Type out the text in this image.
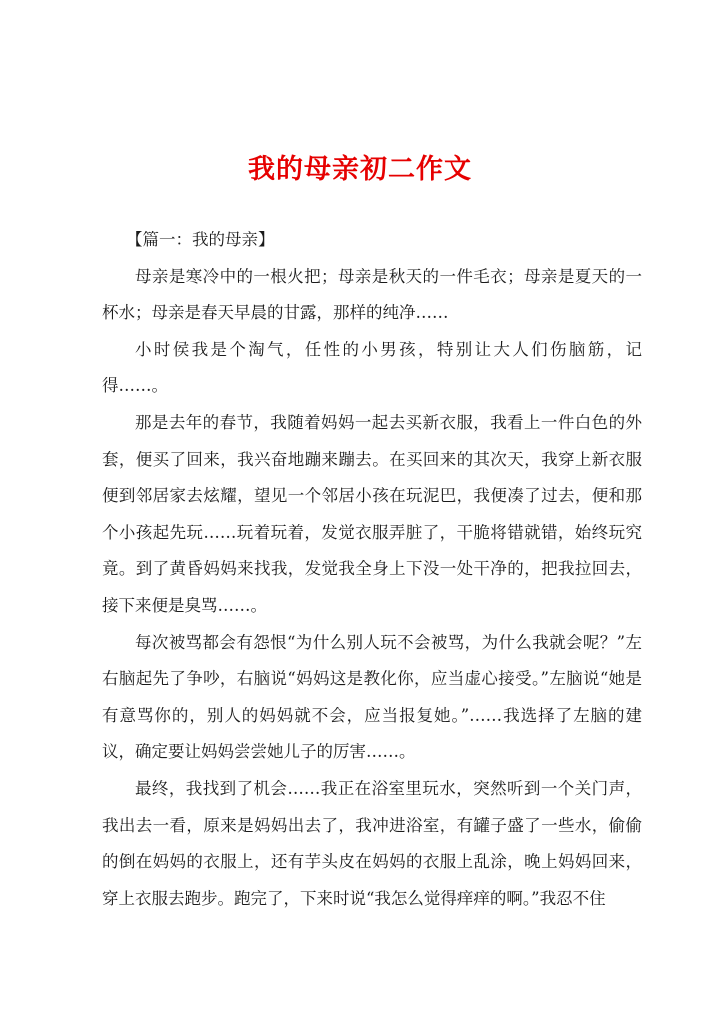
我的母亲初二作文

【篇一：我的母亲】

母亲是寒冷中的一根火把；母亲是秋天的一件毛衣；母亲是夏天的一杯水；母亲是春天早晨的甘露，那样的纯净……

小时侯我是个淘气，任性的小男孩，特别让大人们伤脑筋，记得……。

那是去年的春节，我随着妈妈一起去买新衣服，我看上一件白色的外套，便买了回来，我兴奋地蹦来蹦去。在买回来的其次天，我穿上新衣服便到邻居家去炫耀，望见一个邻居小孩在玩泥巴，我便凑了过去，便和那个小孩起先玩……玩着玩着，发觉衣服弄脏了，干脆将错就错，始终玩究竟。到了黄昏妈妈来找我，发觉我全身上下没一处干净的，把我拉回去，接下来便是臭骂……。

每次被骂都会有怨恨“为什么别人玩不会被骂，为什么我就会呢？”左右脑起先了争吵，右脑说“妈妈这是教化你，应当虚心接受。”左脑说“她是有意骂你的，别人的妈妈就不会，应当报复她。”……我选择了左脑的建议，确定要让妈妈尝尝她儿子的厉害……。

最终，我找到了机会……我正在浴室里玩水，突然听到一个关门声，我出去一看，原来是妈妈出去了，我冲进浴室，有罐子盛了一些水，偷偷的倒在妈妈的衣服上，还有芋头皮在妈妈的衣服上乱涂，晚上妈妈回来，穿上衣服去跑步。跑完了，下来时说“我怎么觉得痒痒的啊。”我忍不住
